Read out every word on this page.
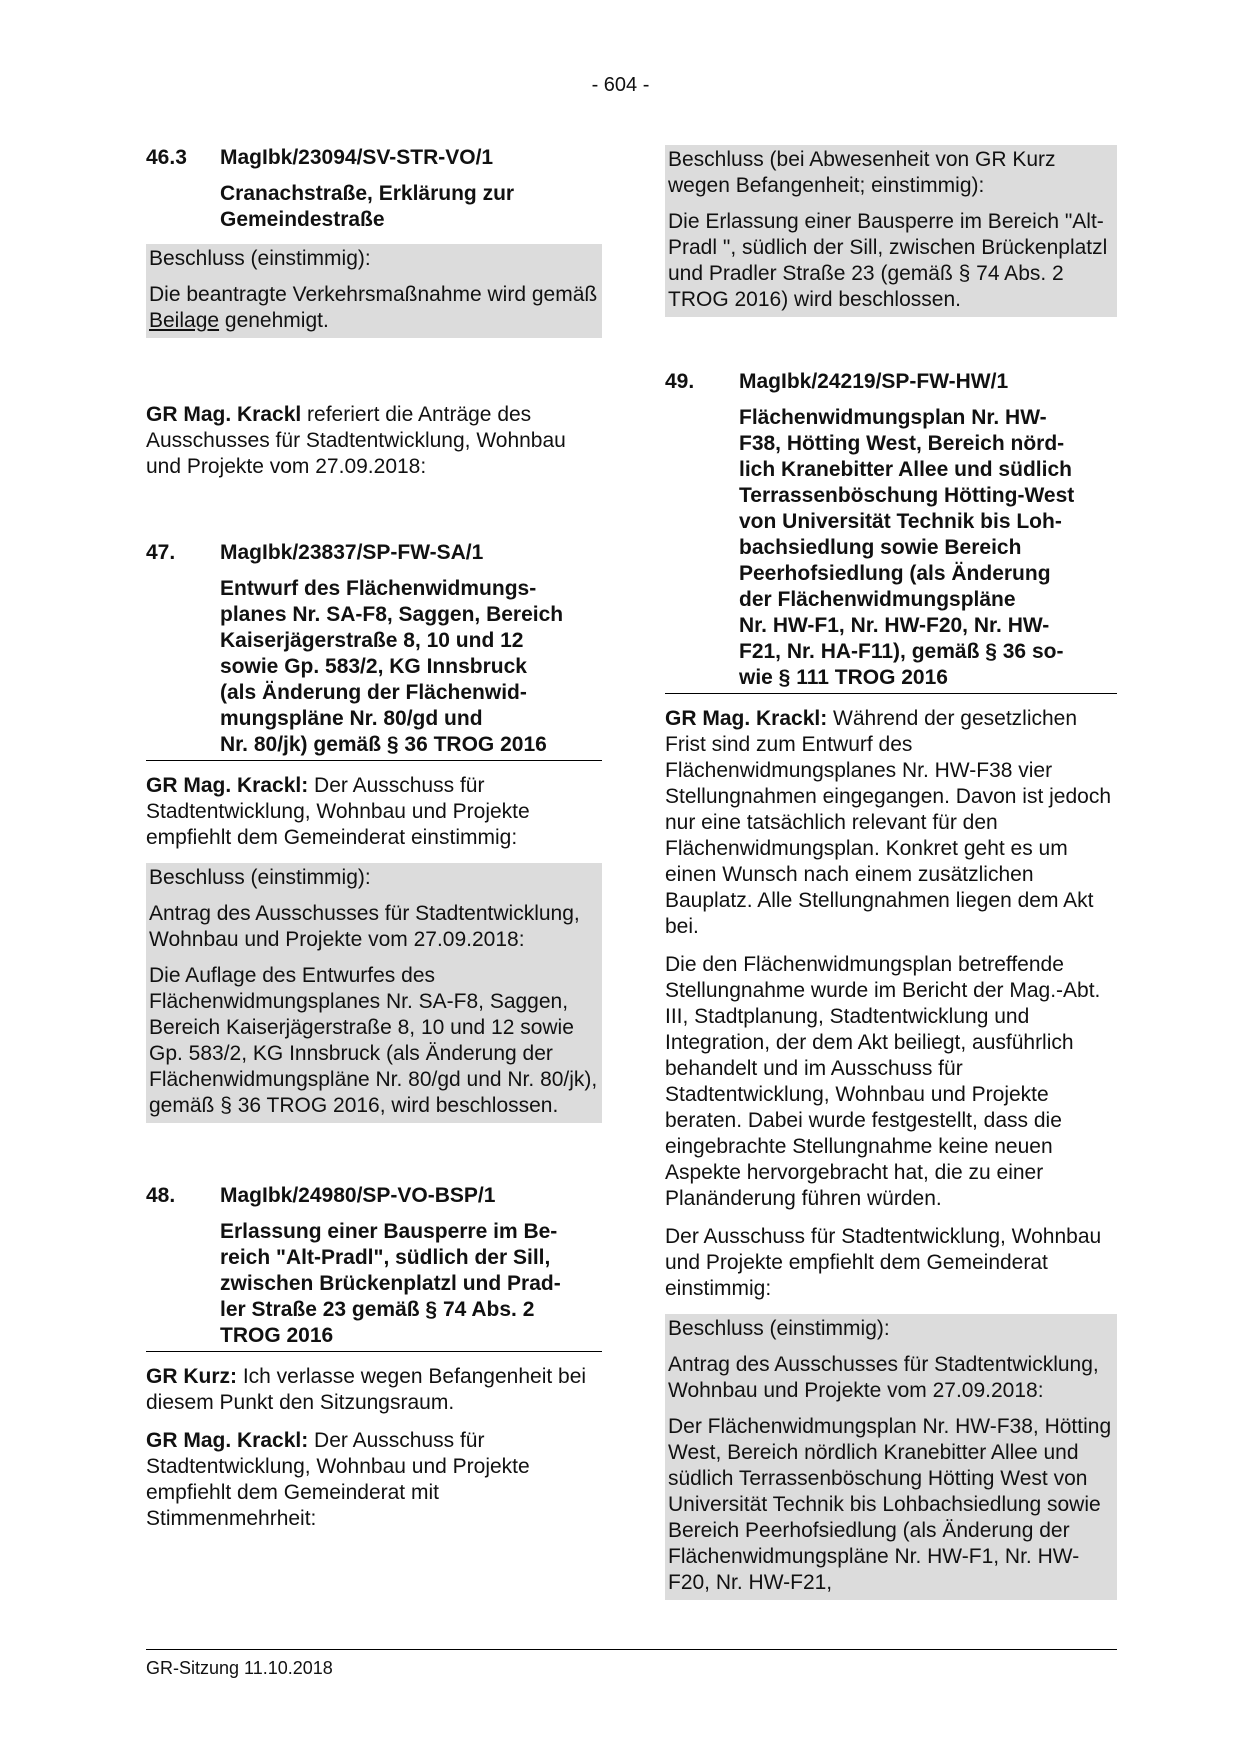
- 604 -
46.3	MagIbk/23094/SV-STR-VO/1
Cranachstraße, Erklärung zur
Gemeindestraße

Beschluss (einstimmig):

Die beantragte Verkehrsmaßnahme wird gemäß Beilage genehmigt.

GR Mag. Krackl referiert die Anträge des Ausschusses für Stadtentwicklung, Wohnbau und Projekte vom 27.09.2018:

47.	MagIbk/23837/SP-FW-SA/1
Entwurf des Flächenwidmungs-
planes Nr. SA-F8, Saggen, Bereich
Kaiserjägerstraße 8, 10 und 12
sowie Gp. 583/2, KG Innsbruck
(als Änderung der Flächenwid-
mungspläne Nr. 80/gd und
Nr. 80/jk) gemäß § 36 TROG 2016

GR Mag. Krackl: Der Ausschuss für Stadtentwicklung, Wohnbau und Projekte empfiehlt dem Gemeinderat einstimmig:

Beschluss (einstimmig):

Antrag des Ausschusses für Stadtentwicklung, Wohnbau und Projekte vom 27.09.2018:

Die Auflage des Entwurfes des Flächenwidmungsplanes Nr. SA-F8, Saggen, Bereich Kaiserjägerstraße 8, 10 und 12 sowie Gp. 583/2, KG Innsbruck (als Änderung der Flächenwidmungspläne Nr. 80/gd und Nr. 80/jk), gemäß § 36 TROG 2016, wird beschlossen.

48.	MagIbk/24980/SP-VO-BSP/1
Erlassung einer Bausperre im Be-
reich "Alt-Pradl", südlich der Sill,
zwischen Brückenplatzl und Prad-
ler Straße 23 gemäß § 74 Abs. 2
TROG 2016

GR Kurz: Ich verlasse wegen Befangenheit bei diesem Punkt den Sitzungsraum.

GR Mag. Krackl: Der Ausschuss für Stadtentwicklung, Wohnbau und Projekte empfiehlt dem Gemeinderat mit Stimmenmehrheit:

Beschluss (bei Abwesenheit von GR Kurz wegen Befangenheit; einstimmig):

Die Erlassung einer Bausperre im Bereich "Alt-Pradl ", südlich der Sill, zwischen Brückenplatzl und Pradler Straße 23 (gemäß § 74 Abs. 2 TROG 2016) wird beschlossen.

49.	MagIbk/24219/SP-FW-HW/1
Flächenwidmungsplan Nr. HW-
F38, Hötting West, Bereich nörd-
lich Kranebitter Allee und südlich
Terrassenböschung Hötting-West
von Universität Technik bis Loh-
bachsiedlung sowie Bereich
Peerhofsiedlung (als Änderung
der Flächenwidmungspläne
Nr. HW-F1, Nr. HW-F20, Nr. HW-
F21, Nr. HA-F11), gemäß § 36 so-
wie § 111 TROG 2016

GR Mag. Krackl: Während der gesetzlichen Frist sind zum Entwurf des Flächenwidmungsplanes Nr. HW-F38 vier Stellungnahmen eingegangen. Davon ist jedoch nur eine tatsächlich relevant für den Flächenwidmungsplan. Konkret geht es um einen Wunsch nach einem zusätzlichen Bauplatz. Alle Stellungnahmen liegen dem Akt bei.

Die den Flächenwidmungsplan betreffende Stellungnahme wurde im Bericht der Mag.-Abt. III, Stadtplanung, Stadtentwicklung und Integration, der dem Akt beiliegt, ausführlich behandelt und im Ausschuss für Stadtentwicklung, Wohnbau und Projekte beraten. Dabei wurde festgestellt, dass die eingebrachte Stellungnahme keine neuen Aspekte hervorgebracht hat, die zu einer Planänderung führen würden.

Der Ausschuss für Stadtentwicklung, Wohnbau und Projekte empfiehlt dem Gemeinderat einstimmig:

Beschluss (einstimmig):

Antrag des Ausschusses für Stadtentwicklung, Wohnbau und Projekte vom 27.09.2018:

Der Flächenwidmungsplan Nr. HW-F38, Hötting West, Bereich nördlich Kranebitter Allee und südlich Terrassenböschung Hötting West von Universität Technik bis Lohbachsiedlung sowie Bereich Peerhofsiedlung (als Änderung der Flächenwidmungspläne Nr. HW-F1, Nr. HW-F20, Nr. HW-F21,

GR-Sitzung 11.10.2018
